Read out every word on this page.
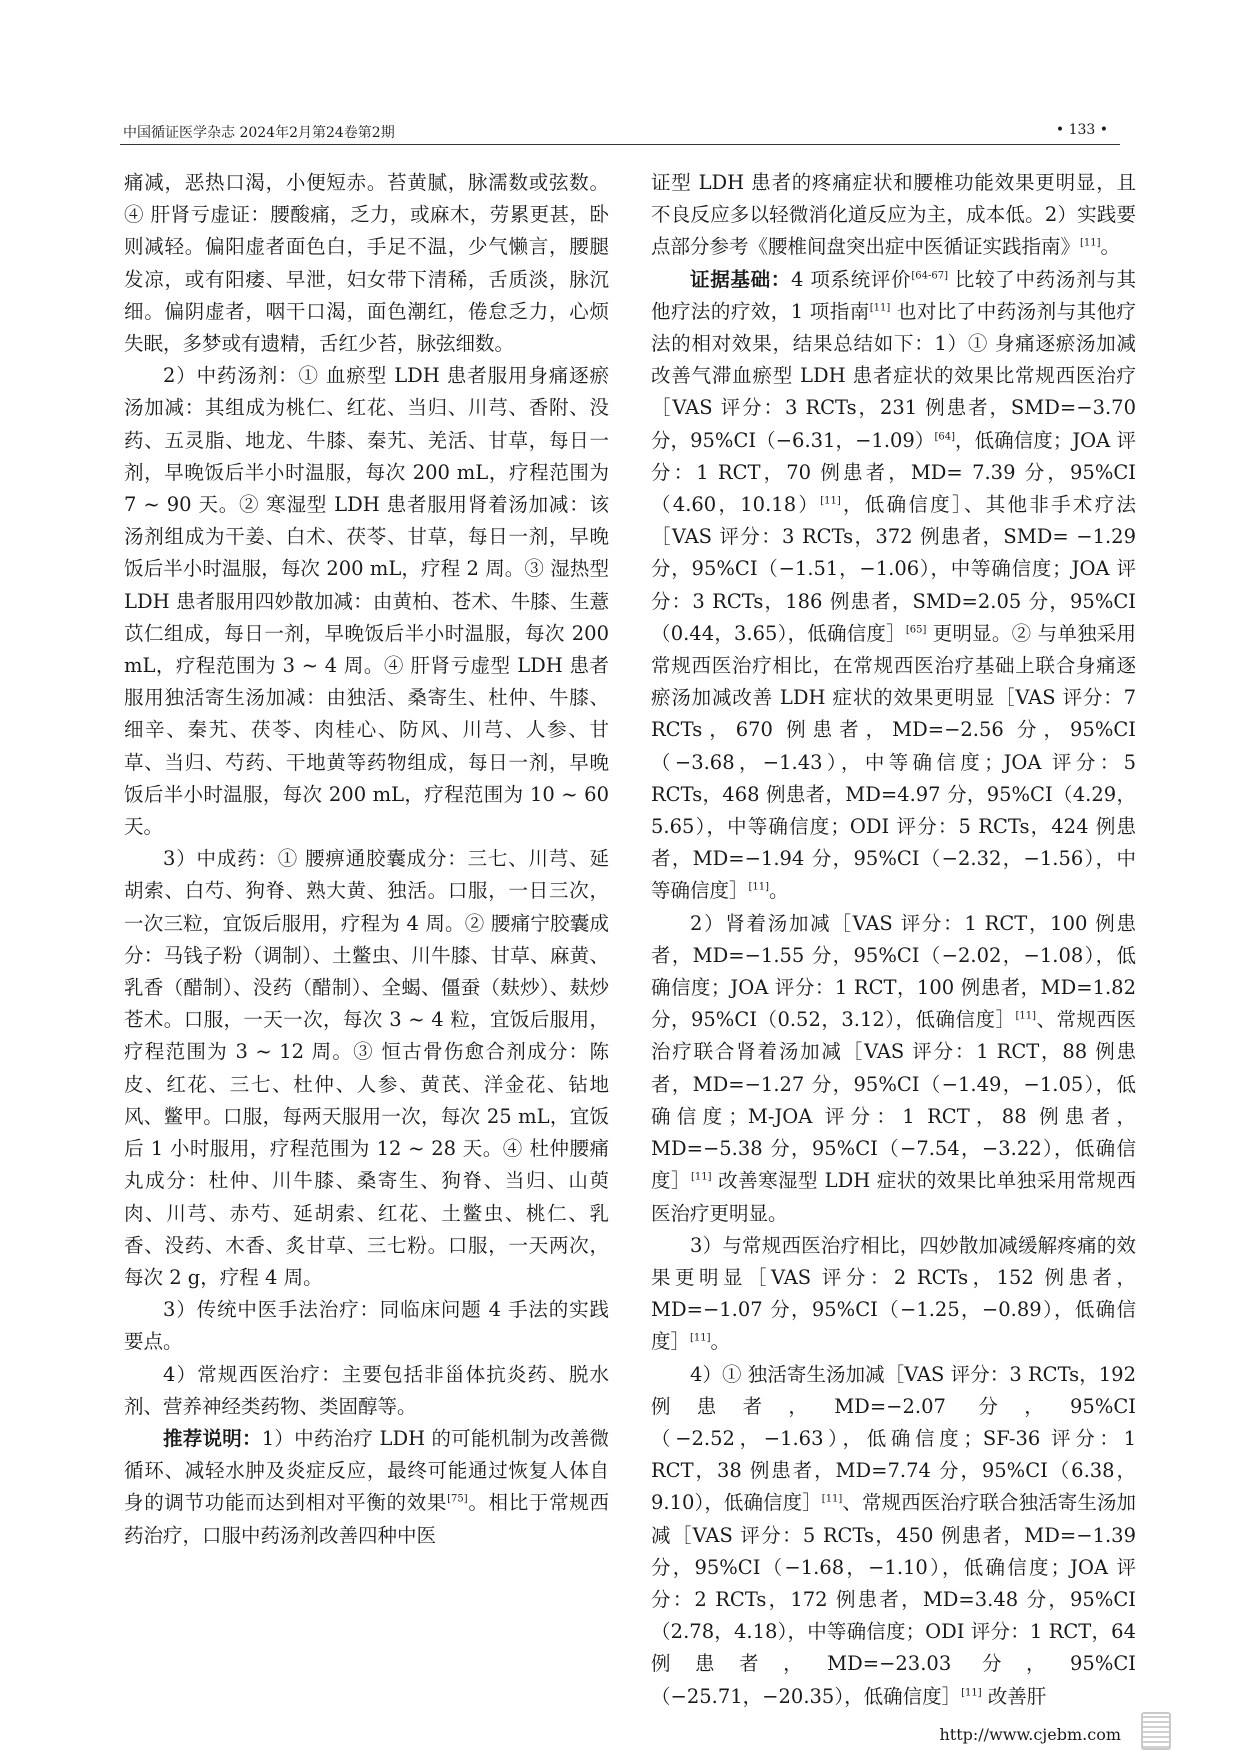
中国循证医学杂志 2024年2月第24卷第2期	• 133 •

痛减，恶热口渴，小便短赤。苔黄腻，脉濡数或弦数。④ 肝肾亏虚证：腰酸痛，乏力，或麻木，劳累更甚，卧则减轻。偏阳虚者面色白，手足不温，少气懒言，腰腿发凉，或有阳痿、早泄，妇女带下清稀，舌质淡，脉沉细。偏阴虚者，咽干口渴，面色潮红，倦怠乏力，心烦失眠，多梦或有遗精，舌红少苔，脉弦细数。

2）中药汤剂：① 血瘀型 LDH 患者服用身痛逐瘀汤加减：其组成为桃仁、红花、当归、川芎、香附、没药、五灵脂、地龙、牛膝、秦艽、羌活、甘草，每日一剂，早晚饭后半小时温服，每次 200 mL，疗程范围为 7 ~ 90 天。② 寒湿型 LDH 患者服用肾着汤加减：该汤剂组成为干姜、白术、茯苓、甘草，每日一剂，早晚饭后半小时温服，每次 200 mL，疗程 2 周。③ 湿热型 LDH 患者服用四妙散加减：由黄柏、苍术、牛膝、生薏苡仁组成，每日一剂，早晚饭后半小时温服，每次 200 mL，疗程范围为 3 ~ 4 周。④ 肝肾亏虚型 LDH 患者服用独活寄生汤加减：由独活、桑寄生、杜仲、牛膝、细辛、秦艽、茯苓、肉桂心、防风、川芎、人参、甘草、当归、芍药、干地黄等药物组成，每日一剂，早晚饭后半小时温服，每次 200 mL，疗程范围为 10 ~ 60 天。

3）中成药：① 腰痹通胶囊成分：三七、川芎、延胡索、白芍、狗脊、熟大黄、独活。口服，一日三次，一次三粒，宜饭后服用，疗程为 4 周。② 腰痛宁胶囊成分：马钱子粉（调制）、土鳖虫、川牛膝、甘草、麻黄、乳香（醋制）、没药（醋制）、全蝎、僵蚕（麸炒）、麸炒苍术。口服，一天一次，每次 3 ~ 4 粒，宜饭后服用，疗程范围为 3 ~ 12 周。③ 恒古骨伤愈合剂成分：陈皮、红花、三七、杜仲、人参、黄芪、洋金花、钻地风、鳖甲。口服，每两天服用一次，每次 25 mL，宜饭后 1 小时服用，疗程范围为 12 ~ 28 天。④ 杜仲腰痛丸成分：杜仲、川牛膝、桑寄生、狗脊、当归、山萸肉、川芎、赤芍、延胡索、红花、土鳖虫、桃仁、乳香、没药、木香、炙甘草、三七粉。口服，一天两次，每次 2 g，疗程 4 周。

3）传统中医手法治疗：同临床问题 4 手法的实践要点。

4）常规西医治疗：主要包括非甾体抗炎药、脱水剂、营养神经类药物、类固醇等。

推荐说明：1）中药治疗 LDH 的可能机制为改善微循环、减轻水肿及炎症反应，最终可能通过恢复人体自身的调节功能而达到相对平衡的效果[75]。相比于常规西药治疗，口服中药汤剂改善四种中医

证型 LDH 患者的疼痛症状和腰椎功能效果更明显，且不良反应多以轻微消化道反应为主，成本低。2）实践要点部分参考《腰椎间盘突出症中医循证实践指南》[11]。

证据基础：4 项系统评价[64-67] 比较了中药汤剂与其他疗法的疗效，1 项指南[11] 也对比了中药汤剂与其他疗法的相对效果，结果总结如下：1）① 身痛逐瘀汤加减改善气滞血瘀型 LDH 患者症状的效果比常规西医治疗［VAS 评分：3 RCTs，231 例患者，SMD=−3.70 分，95%CI（−6.31，−1.09）[64]，低确信度；JOA 评分：1 RCT，70 例患者，MD= 7.39 分，95%CI（4.60，10.18）[11]，低确信度］、其他非手术疗法［VAS 评分：3 RCTs，372 例患者，SMD= −1.29 分，95%CI（−1.51，−1.06），中等确信度；JOA 评分：3 RCTs，186 例患者，SMD=2.05 分，95%CI（0.44，3.65），低确信度］[65] 更明显。② 与单独采用常规西医治疗相比，在常规西医治疗基础上联合身痛逐瘀汤加减改善 LDH 症状的效果更明显［VAS 评分：7 RCTs，670 例患者，MD=−2.56 分，95%CI（−3.68，−1.43），中等确信度；JOA 评分：5 RCTs，468 例患者，MD=4.97 分，95%CI（4.29，5.65），中等确信度；ODI 评分：5 RCTs，424 例患者，MD=−1.94 分，95%CI（−2.32，−1.56），中等确信度］[11]。

2）肾着汤加减［VAS 评分：1 RCT，100 例患者，MD=−1.55 分，95%CI（−2.02，−1.08），低确信度；JOA 评分：1 RCT，100 例患者，MD=1.82 分，95%CI（0.52，3.12），低确信度］[11]、常规西医治疗联合肾着汤加减［VAS 评分：1 RCT，88 例患者，MD=−1.27 分，95%CI（−1.49，−1.05），低确信度；M-JOA 评分：1 RCT，88 例患者，MD=−5.38 分，95%CI（−7.54，−3.22），低确信度］[11] 改善寒湿型 LDH 症状的效果比单独采用常规西医治疗更明显。

3）与常规西医治疗相比，四妙散加减缓解疼痛的效果更明显［VAS 评分：2 RCTs，152 例患者，MD=−1.07 分，95%CI（−1.25，−0.89），低确信度］[11]。

4）① 独活寄生汤加减［VAS 评分：3 RCTs，192 例患者，MD=−2.07 分，95%CI（−2.52，−1.63），低确信度；SF-36 评分：1 RCT，38 例患者，MD=7.74 分，95%CI（6.38，9.10），低确信度］[11]、常规西医治疗联合独活寄生汤加减［VAS 评分：5 RCTs，450 例患者，MD=−1.39 分，95%CI（−1.68，−1.10），低确信度；JOA 评分：2 RCTs，172 例患者，MD=3.48 分，95%CI（2.78，4.18），中等确信度；ODI 评分：1 RCT，64 例患者，MD=−23.03 分，95%CI（−25.71，−20.35），低确信度］[11] 改善肝

http://www.cjebm.com
